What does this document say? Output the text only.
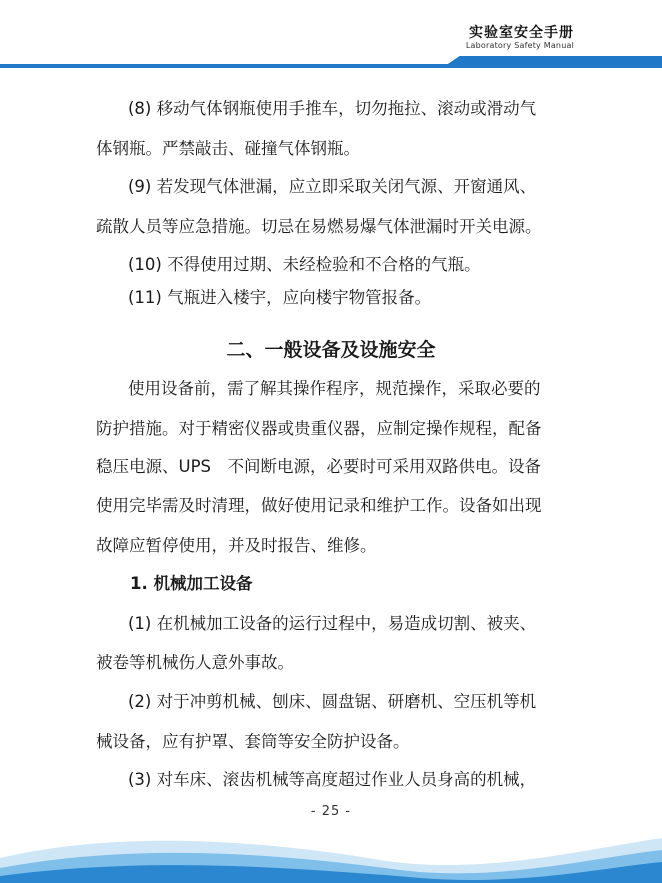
实验室安全手册
Laboratory Safety Manual
(8) 移动气体钢瓶使用手推车，切勿拖拉、滚动或滑动气
体钢瓶。严禁敲击、碰撞气体钢瓶。
(9) 若发现气体泄漏，应立即采取关闭气源、开窗通风、
疏散人员等应急措施。切忌在易燃易爆气体泄漏时开关电源。
(10) 不得使用过期、未经检验和不合格的气瓶。
(11) 气瓶进入楼宇，应向楼宇物管报备。
二、一般设备及设施安全
使用设备前，需了解其操作程序，规范操作，采取必要的
防护措施。对于精密仪器或贵重仪器，应制定操作规程，配备
稳压电源、UPS　不间断电源，必要时可采用双路供电。设备
使用完毕需及时清理，做好使用记录和维护工作。设备如出现
故障应暂停使用，并及时报告、维修。
1. 机械加工设备
(1) 在机械加工设备的运行过程中，易造成切割、被夹、
被卷等机械伤人意外事故。
(2) 对于冲剪机械、刨床、圆盘锯、研磨机、空压机等机
械设备，应有护罩、套筒等安全防护设备。
(3) 对车床、滚齿机械等高度超过作业人员身高的机械，
- 25 -
